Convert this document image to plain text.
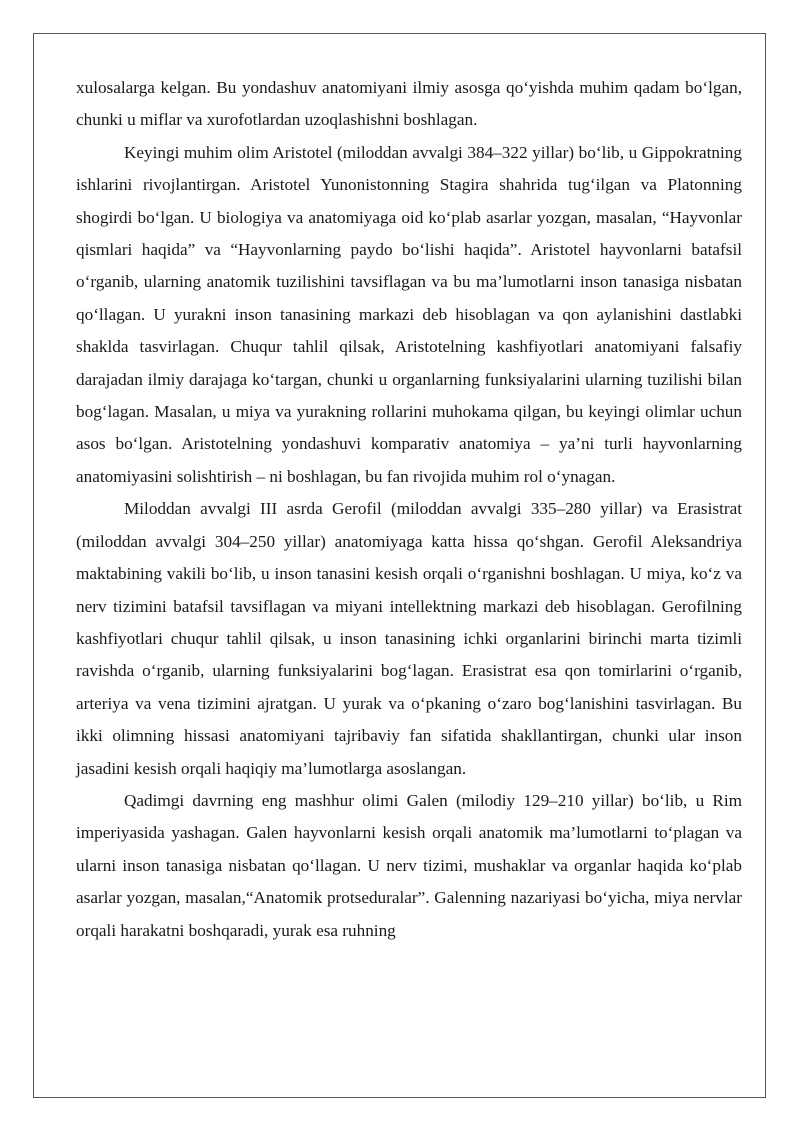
xulosalarga kelgan. Bu yondashuv anatomiyani ilmiy asosga qo‘yishda muhim qadam bo‘lgan, chunki u miflar va xurofotlardan uzoqlashishni boshlagan.

Keyingi muhim olim Aristotel (miloddan avvalgi 384–322 yillar) bo‘lib, u Gippokratning ishlarini rivojlantirgan. Aristotel Yunonistonning Stagira shahrida tug‘ilgan va Platonning shogirdi bo‘lgan. U biologiya va anatomiyaga oid ko‘plab asarlar yozgan, masalan, “Hayvonlar qismlari haqida” va “Hayvonlarning paydo bo‘lishi haqida”. Aristotel hayvonlarni batafsil o‘rganib, ularning anatomik tuzilishini tavsiflagan va bu ma’lumotlarni inson tanasiga nisbatan qo‘llagan. U yurakni inson tanasining markazi deb hisoblagan va qon aylanishini dastlabki shaklda tasvirlagan. Chuqur tahlil qilsak, Aristotelning kashfiyotlari anatomiyani falsafiy darajadan ilmiy darajaga ko‘targan, chunki u organlarning funksiyalarini ularning tuzilishi bilan bog‘lagan. Masalan, u miya va yurakning rollarini muhokama qilgan, bu keyingi olimlar uchun asos bo‘lgan. Aristotelning yondashuvi komparativ anatomiya – ya’ni turli hayvonlarning anatomiyasini solishtirish – ni boshlagan, bu fan rivojida muhim rol o‘ynagan.

Miloddan avvalgi III asrda Gerofil (miloddan avvalgi 335–280 yillar) va Erasistrat (miloddan avvalgi 304–250 yillar) anatomiyaga katta hissa qo‘shgan. Gerofil Aleksandriya maktabining vakili bo‘lib, u inson tanasini kesish orqali o‘rganishni boshlagan. U miya, ko‘z va nerv tizimini batafsil tavsiflagan va miyani intellektning markazi deb hisoblagan. Gerofilning kashfiyotlari chuqur tahlil qilsak, u inson tanasining ichki organlarini birinchi marta tizimli ravishda o‘rganib, ularning funksiyalarini bog‘lagan. Erasistrat esa qon tomirlarini o‘rganib, arteriya va vena tizimini ajratgan. U yurak va o‘pkaning o‘zaro bog‘lanishini tasvirlagan. Bu ikki olimning hissasi anatomiyani tajribaviy fan sifatida shakllantirgan, chunki ular inson jasadini kesish orqali haqiqiy ma’lumotlarga asoslangan.

Qadimgi davrning eng mashhur olimi Galen (milodiy 129–210 yillar) bo‘lib, u Rim imperiyasida yashagan. Galen hayvonlarni kesish orqali anatomik ma’lumotlarni to‘plagan va ularni inson tanasiga nisbatan qo‘llagan. U nerv tizimi, mushaklar va organlar haqida ko‘plab asarlar yozgan, masalan,“Anatomik protseduralar”. Galenning nazariyasi bo‘yicha, miya nervlar orqali harakatni boshqaradi, yurak esa ruhning
